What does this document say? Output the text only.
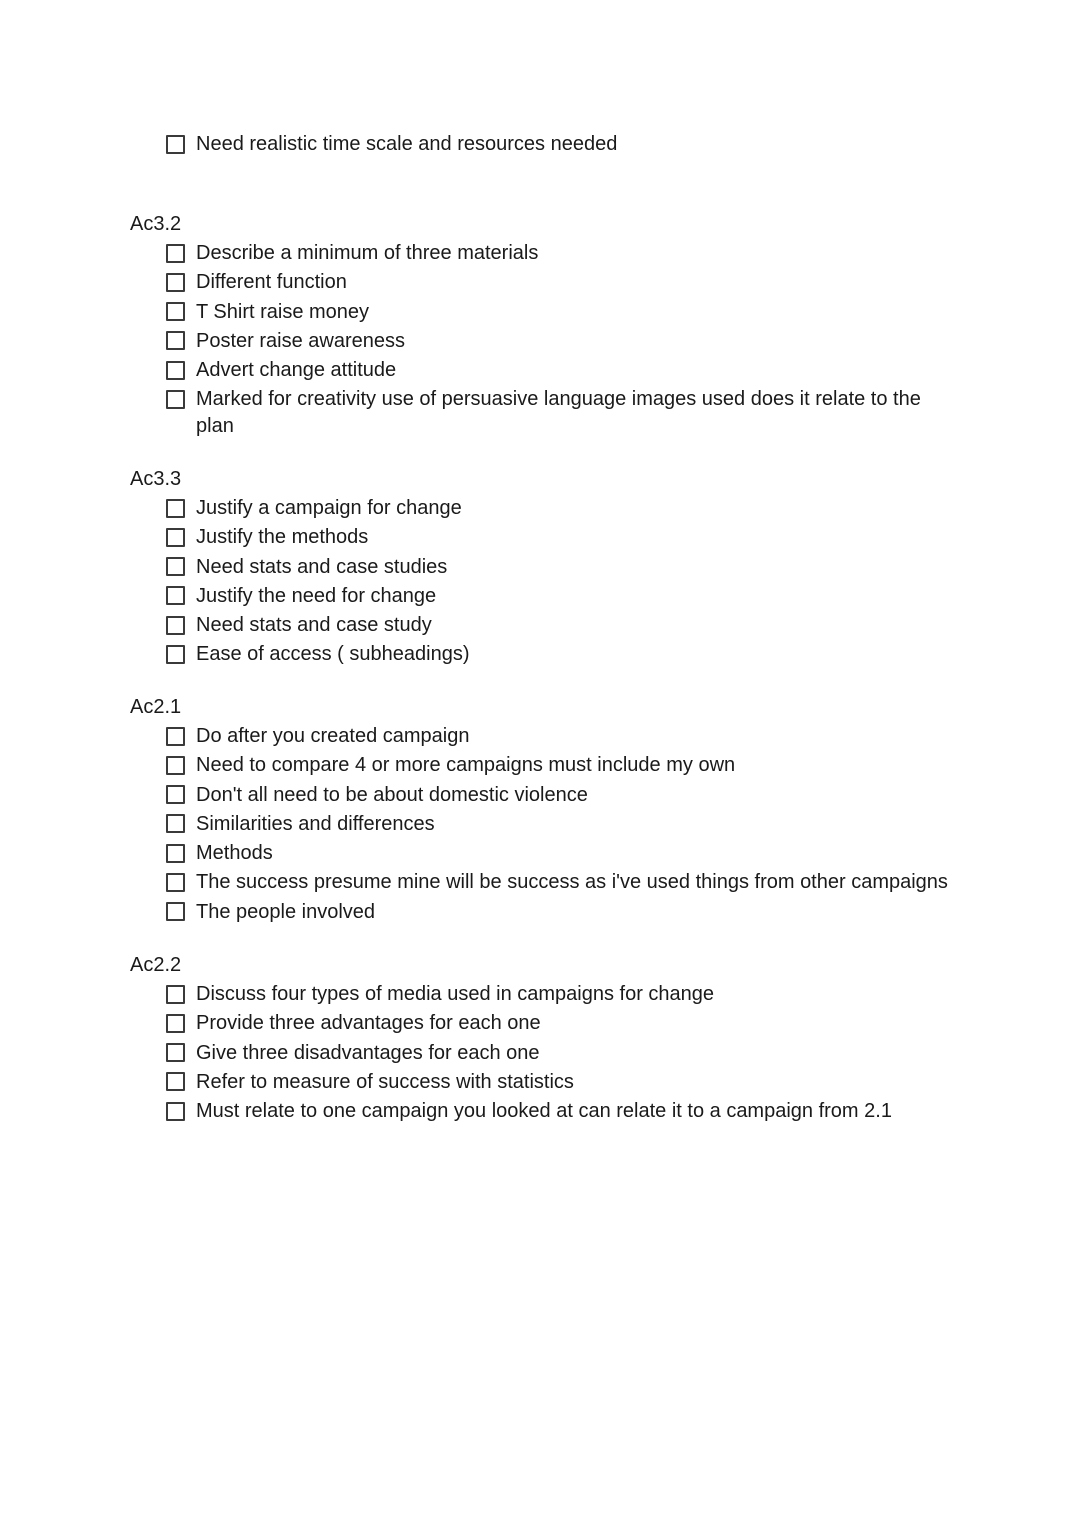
Need realistic time scale and resources needed
Ac3.2
Describe a minimum of three materials
Different function
T Shirt raise money
Poster raise awareness
Advert change attitude
Marked for creativity use of persuasive language images used does it relate to the plan
Ac3.3
Justify a campaign for change
Justify the methods
Need stats and case studies
Justify the need for change
Need stats and case study
Ease of access ( subheadings)
Ac2.1
Do after you created campaign
Need to compare 4 or more campaigns must include my own
Don't all need to be about domestic violence
Similarities and differences
Methods
The success presume mine will be success as i've used things from other campaigns
The people involved
Ac2.2
Discuss four types of media used in campaigns for change
Provide three advantages for each one
Give three disadvantages for each one
Refer to measure of success with statistics
Must relate to one campaign you looked at can relate it to a campaign from 2.1
